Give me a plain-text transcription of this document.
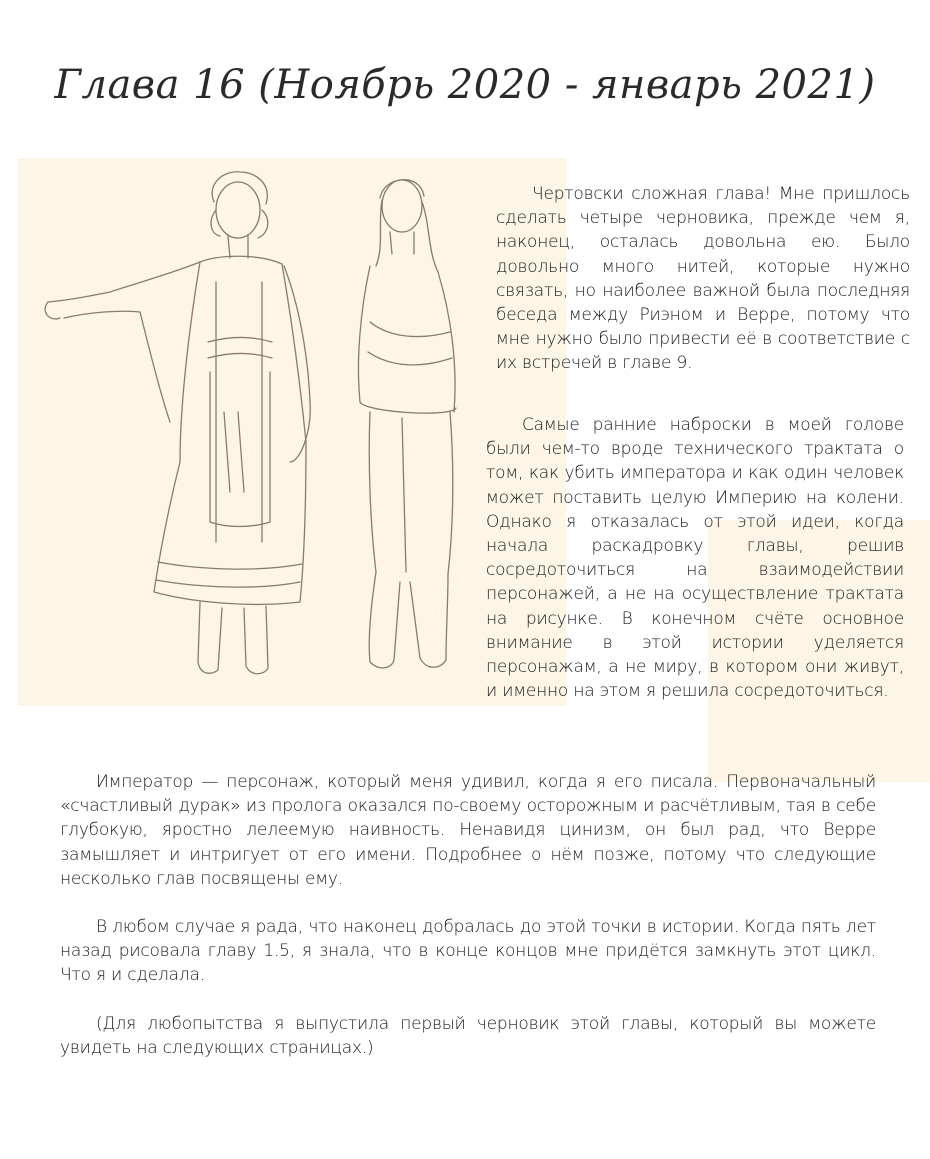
Глава 16 (Ноябрь 2020 - январь 2021)

Чертовски сложная глава! Мне пришлось сделать четыре черновика, прежде чем я, наконец, осталась довольна ею. Было довольно много нитей, которые нужно связать, но наиболее важной была последняя беседа между Риэном и Верре, потому что мне нужно было привести её в соответствие с их встречей в главе 9.

Самые ранние наброски в моей голове были чем-то вроде технического трактата о том, как убить императора и как один человек может поставить целую Империю на колени. Однако я отказалась от этой идеи, когда начала раскадровку главы, решив сосредоточиться на взаимодействии персонажей, а не на осуществление трактата на рисунке. В конечном счёте основное внимание в этой истории уделяется персонажам, а не миру, в котором они живут, и именно на этом я решила сосредоточиться.

Император — персонаж, который меня удивил, когда я его писала. Первоначальный «счастливый дурак» из пролога оказался по-своему осторожным и расчётливым, тая в себе глубокую, яростно лелеемую наивность. Ненавидя цинизм, он был рад, что Верре замышляет и интригует от его имени. Подробнее о нём позже, потому что следующие несколько глав посвящены ему.

В любом случае я рада, что наконец добралась до этой точки в истории. Когда пять лет назад рисовала главу 1.5, я знала, что в конце концов мне придётся замкнуть этот цикл. Что я и сделала.

(Для любопытства я выпустила первый черновик этой главы, который вы можете увидеть на следующих страницах.)
